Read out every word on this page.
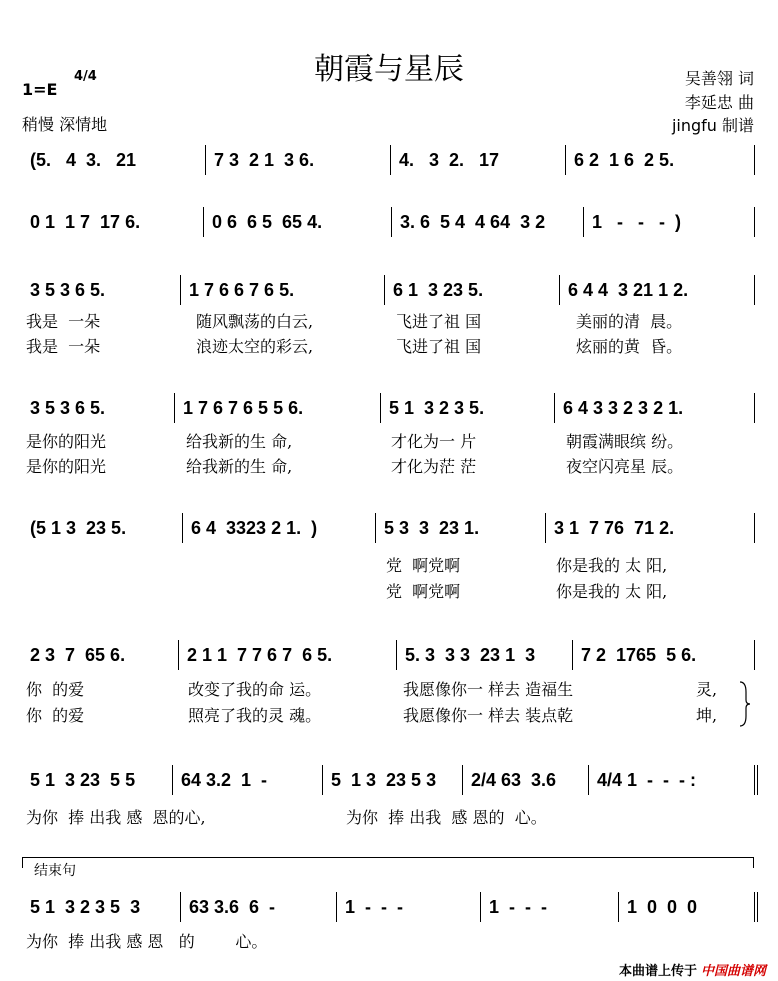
朝霞与星辰
1=E
4/4
稍慢 深情地
吴善翎 词
李延忠 曲
jingfu 制谱
(5.   4  3.   21	7 3  2 1  3 6.	4.   3  2.   17	6 2  1 6  2 5.
0 1  1 7  17 6.	0 6  6 5  65 4.	3. 6  5 4  4 64  3 2	1   -   -   -  )
3 5 3 6 5.	1 7 6 6 7 6 5.	6 1  3 23 5.	6 4 4  3 21 1 2.
我是  一朵	随风飘荡的白云,	飞进了祖 国	美丽的清  晨。
我是  一朵	浪迹太空的彩云,	飞进了祖 国	炫丽的黄  昏。
3 5 3 6 5.	1 7 6 7 6 5 5 6.	5 1  3 2 3 5.	6 4 3 3 2 3 2 1.
是你的阳光	给我新的生 命,	才化为一 片	朝霞满眼缤 纷。
是你的阳光	给我新的生 命,	才化为茫 茫	夜空闪亮星 辰。
(5 1 3  23 5.	6 4  3323 2 1.  )	5 3  3  23 1.	3 1  7 76  71 2.
党  啊党啊	你是我的 太 阳,
党  啊党啊	你是我的 太 阳,
2 3  7  65 6.	2 1 1  7 7 6 7  6 5.	5. 3  3 3  23 1  3	7 2  1765  5 6.
你  的爱	改变了我的命 运。	我愿像你一 样去 造福生	灵,
你  的爱	照亮了我的灵 魂。	我愿像你一 样去 装点乾	坤,
5 1  3 23  5 5	64 3.2  1  -	5  1 3  23 5 3	2/4 63  3.6	4/4 1  -  -  - :
为你  捧 出我 感  恩的心,	为你  捧 出我  感 恩的  心。
结束句
5 1  3 2 3 5  3	63 3.6  6  -	1  -  -  -	1  -  -  -	1  0  0  0
为你  捧 出我 感 恩   的        心。
本曲谱上传于 中国曲谱网
